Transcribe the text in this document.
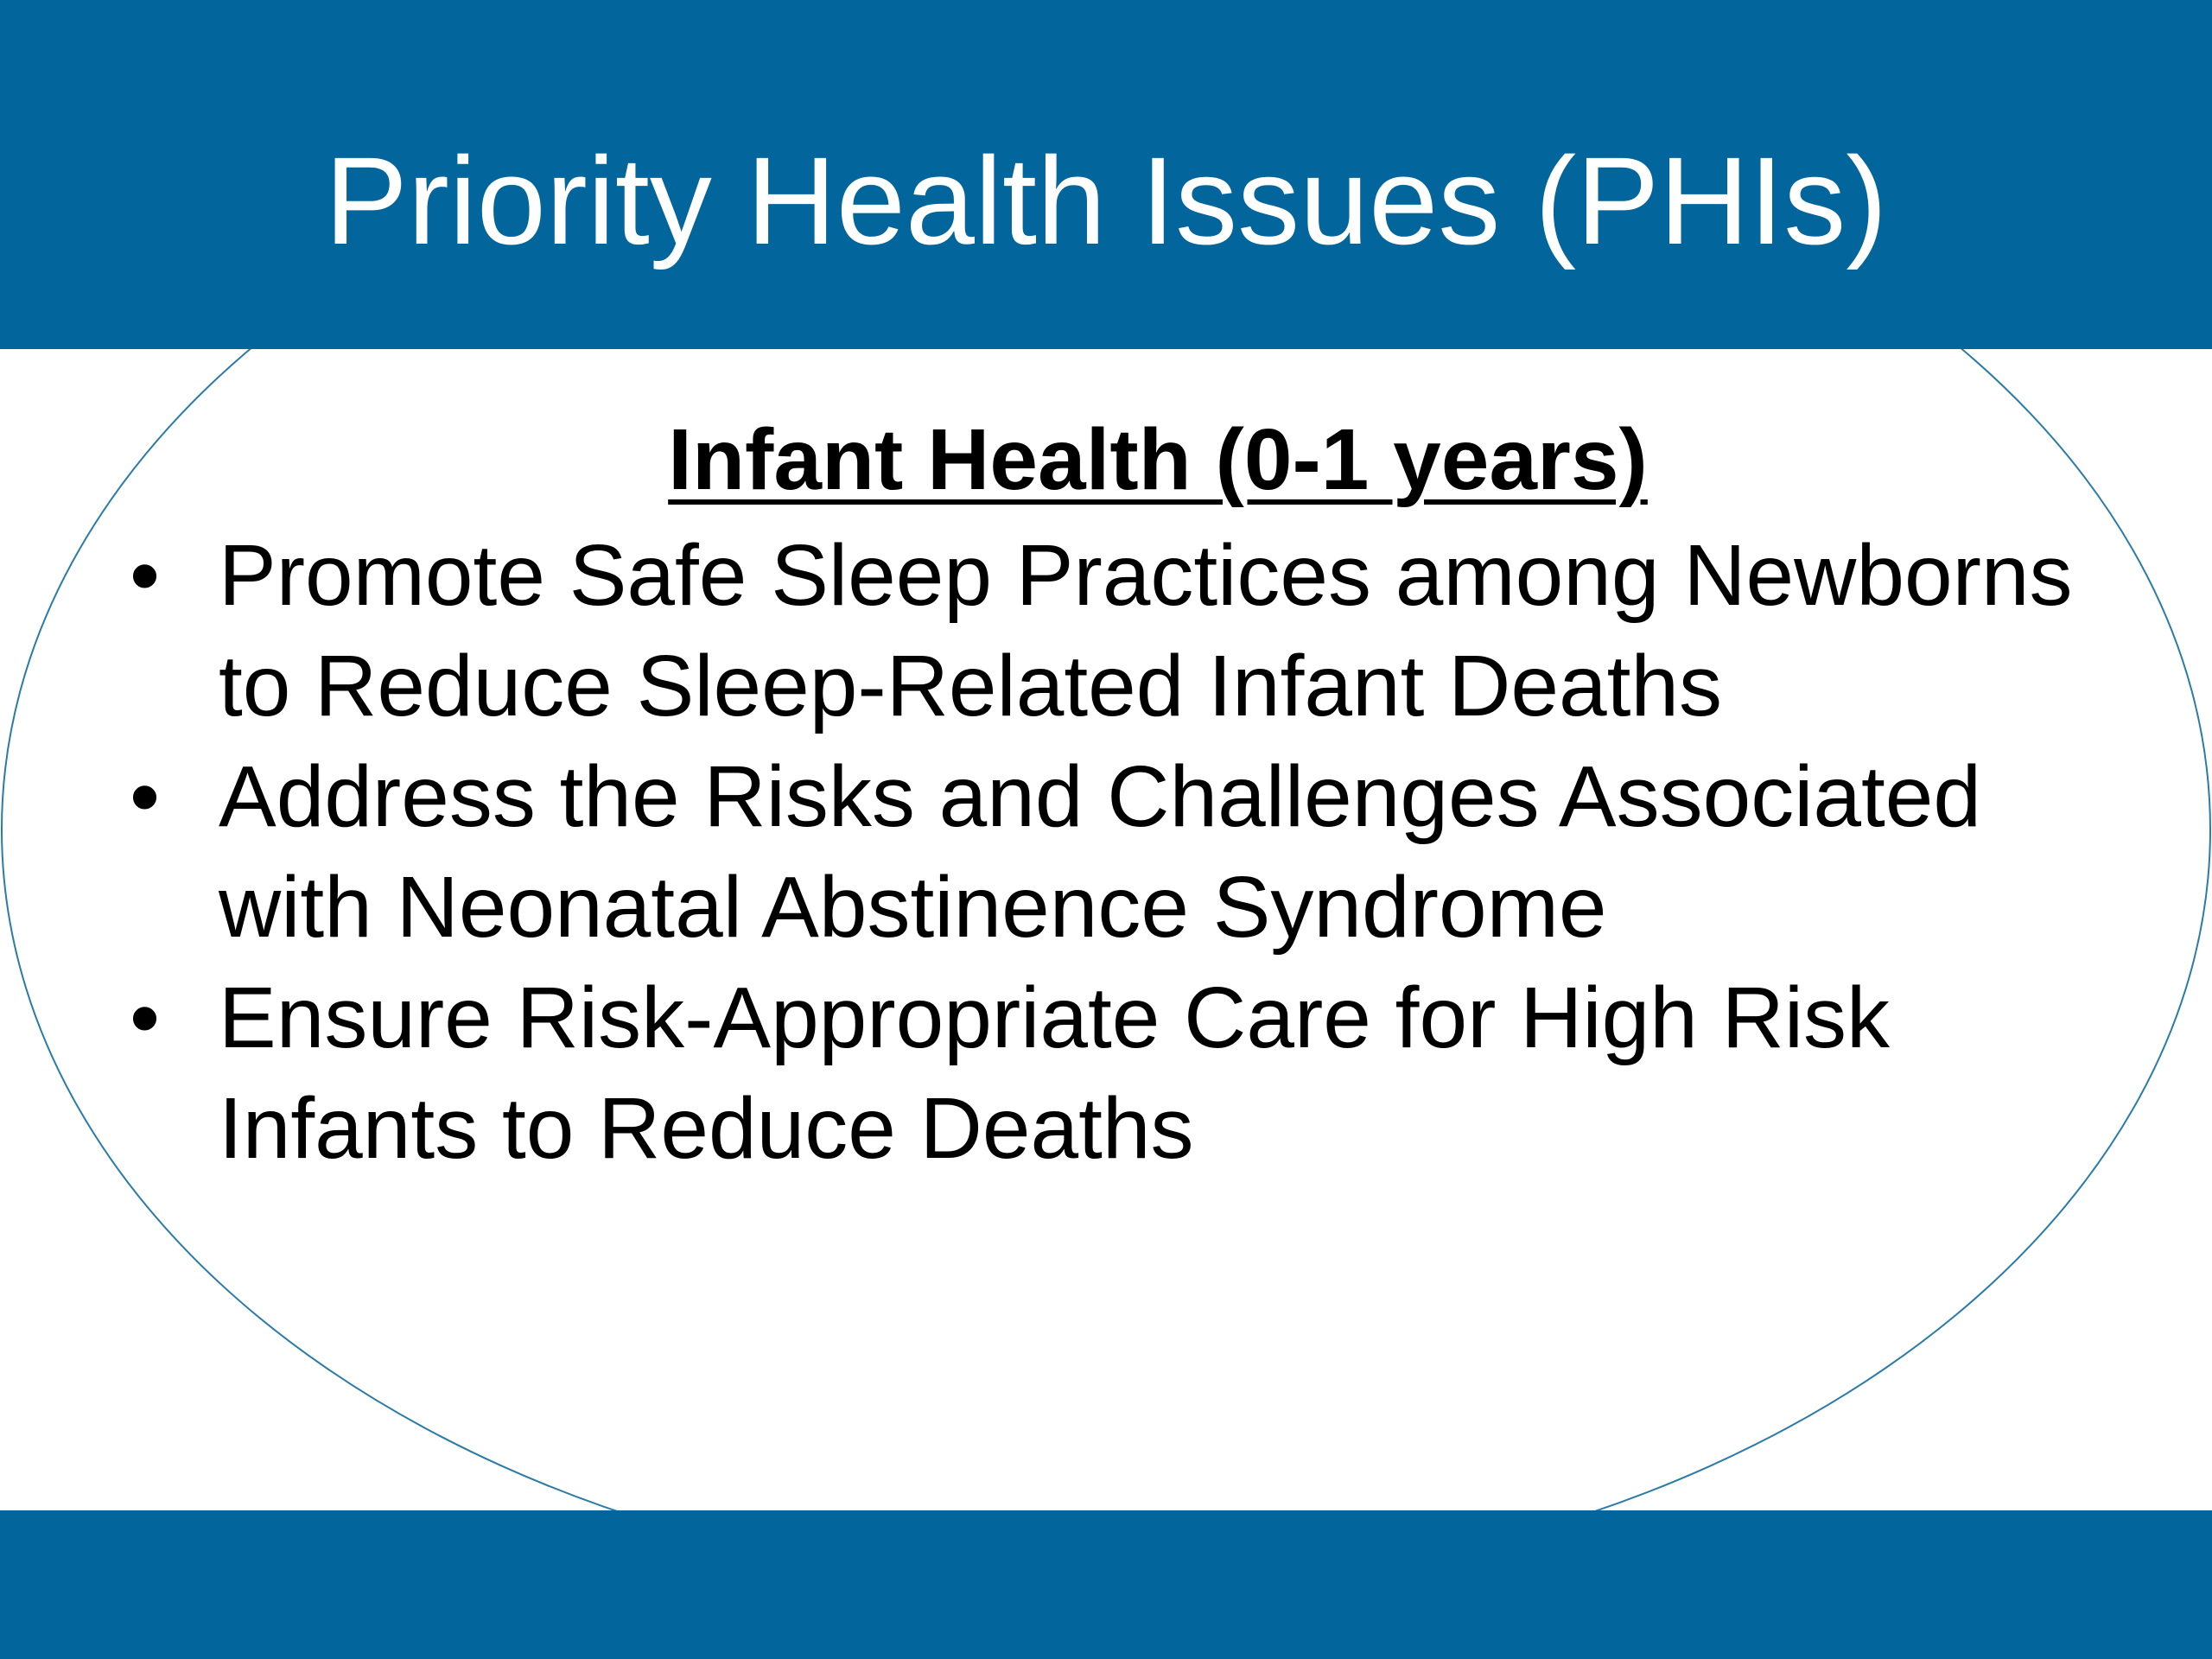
Priority Health Issues (PHIs)
Infant Health (0-1 years)
• Promote Safe Sleep Practices among Newborns to Reduce Sleep-Related Infant Deaths
• Address the Risks and Challenges Associated with Neonatal Abstinence Syndrome
• Ensure Risk-Appropriate Care for High Risk Infants to Reduce Deaths
